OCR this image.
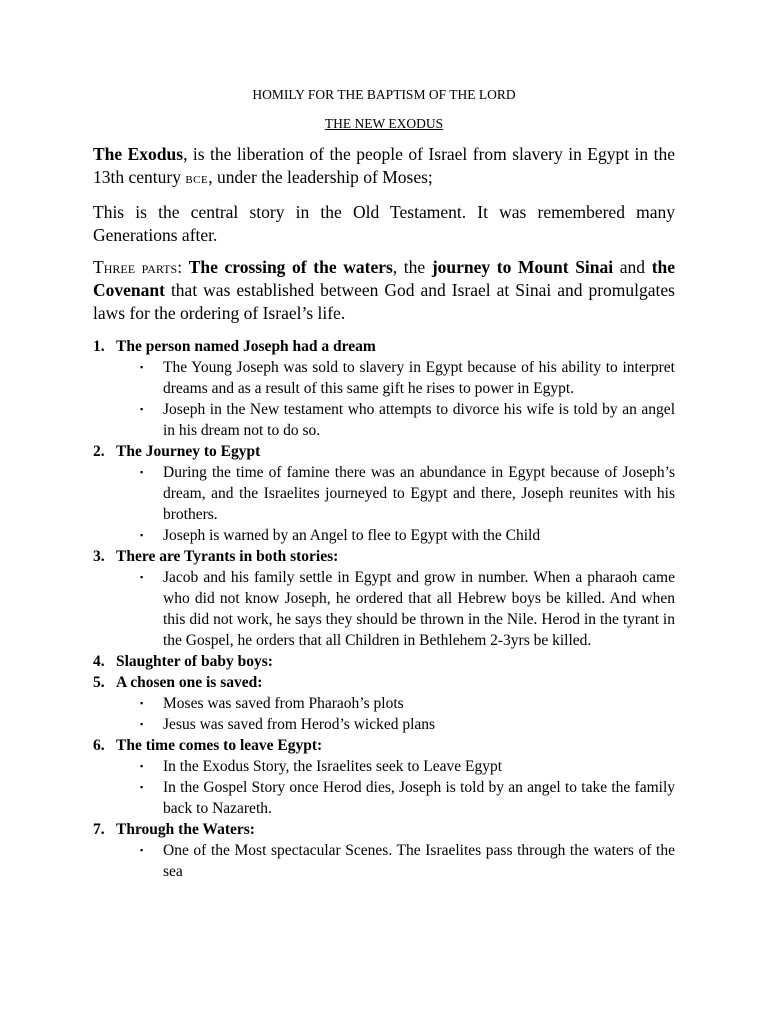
HOMILY FOR THE BAPTISM OF THE LORD

THE NEW EXODUS

The Exodus, is the liberation of the people of Israel from slavery in Egypt in the 13th century BCE, under the leadership of Moses;

This is the central story in the Old Testament. It was remembered many Generations after.

Three parts: The crossing of the waters, the journey to Mount Sinai and the Covenant that was established between God and Israel at Sinai and promulgates laws for the ordering of Israel’s life.

1. The person named Joseph had a dream
▪	The Young Joseph was sold to slavery in Egypt because of his ability to interpret dreams and as a result of this same gift he rises to power in Egypt.
▪	Joseph in the New testament who attempts to divorce his wife is told by an angel in his dream not to do so.
2. The Journey to Egypt
▪	During the time of famine there was an abundance in Egypt because of Joseph’s dream, and the Israelites journeyed to Egypt and there, Joseph reunites with his brothers.
▪	Joseph is warned by an Angel to flee to Egypt with the Child
3. There are Tyrants in both stories:
▪	Jacob and his family settle in Egypt and grow in number. When a pharaoh came who did not know Joseph, he ordered that all Hebrew boys be killed. And when this did not work, he says they should be thrown in the Nile. Herod in the tyrant in the Gospel, he orders that all Children in Bethlehem 2-3yrs be killed.
4. Slaughter of baby boys:
5. A chosen one is saved:
▪	Moses was saved from Pharaoh’s plots
▪	Jesus was saved from Herod’s wicked plans
6. The time comes to leave Egypt:
▪	In the Exodus Story, the Israelites seek to Leave Egypt
▪	In the Gospel Story once Herod dies, Joseph is told by an angel to take the family back to Nazareth.
7. Through the Waters:
▪	One of the Most spectacular Scenes. The Israelites pass through the waters of the sea
